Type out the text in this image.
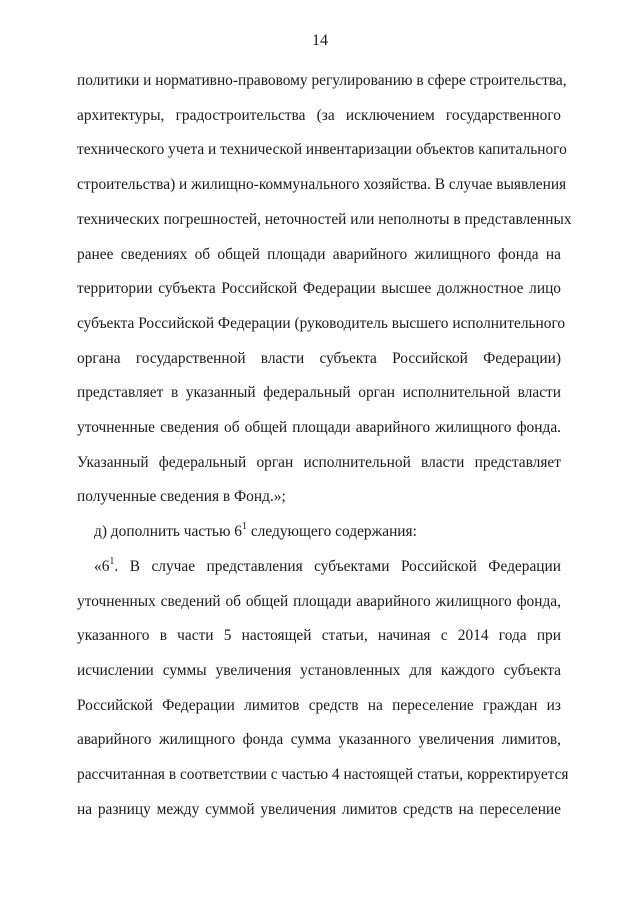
14
политики и нормативно-правовому регулированию в сфере строительства,
архитектуры, градостроительства (за исключением государственного
технического учета и технической инвентаризации объектов капитального
строительства) и жилищно-коммунального хозяйства. В случае выявления
технических погрешностей, неточностей или неполноты в представленных
ранее сведениях об общей площади аварийного жилищного фонда на
территории субъекта Российской Федерации высшее должностное лицо
субъекта Российской Федерации (руководитель высшего исполнительного
органа государственной власти субъекта Российской Федерации)
представляет в указанный федеральный орган исполнительной власти
уточненные сведения об общей площади аварийного жилищного фонда.
Указанный федеральный орган исполнительной власти представляет
полученные сведения в Фонд.»;
д) дополнить частью $6^1$ следующего содержания:
«$6^1$. В случае представления субъектами Российской Федерации
уточненных сведений об общей площади аварийного жилищного фонда,
указанного в части 5 настоящей статьи, начиная с 2014 года при
исчислении суммы увеличения установленных для каждого субъекта
Российской Федерации лимитов средств на переселение граждан из
аварийного жилищного фонда сумма указанного увеличения лимитов,
рассчитанная в соответствии с частью 4 настоящей статьи, корректируется
на разницу между суммой увеличения лимитов средств на переселение
